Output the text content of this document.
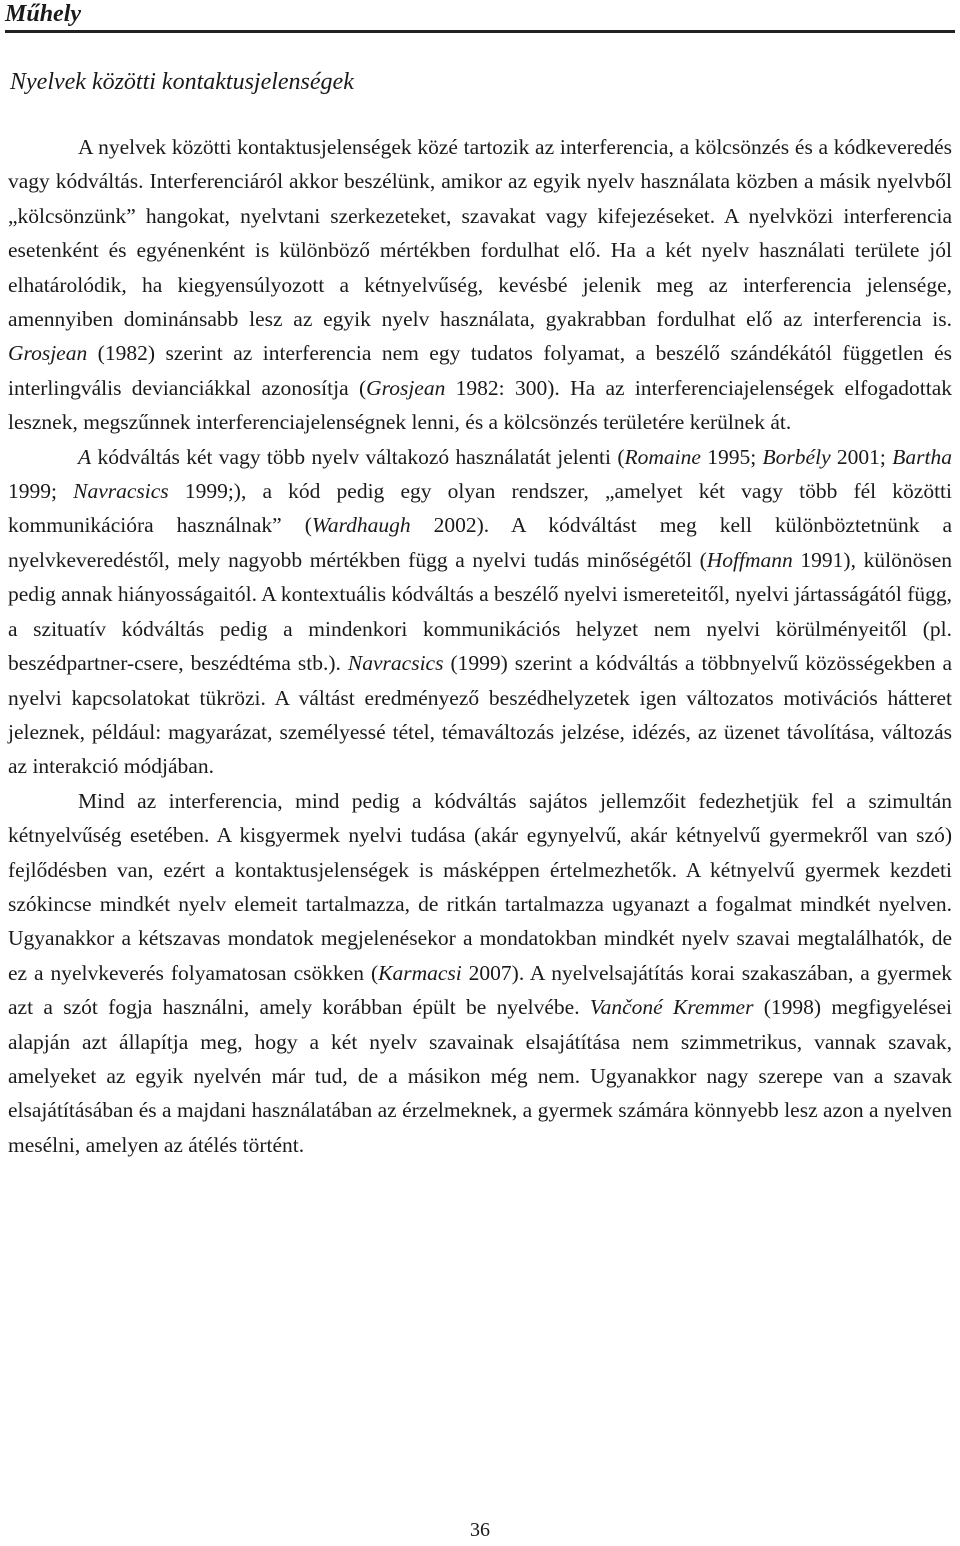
Műhely
Nyelvek közötti kontaktusjelenségek

A nyelvek közötti kontaktusjelenségek közé tartozik az interferencia, a kölcsönzés és a kódkeveredés vagy kódváltás. Interferenciáról akkor beszélünk, amikor az egyik nyelv használata közben a másik nyelvből „kölcsönzünk” hangokat, nyelvtani szerkezeteket, szavakat vagy kifejezéseket. A nyelvközi interferencia esetenként és egyénenként is különböző mértékben fordulhat elő. Ha a két nyelv használati területe jól elhatárolódik, ha kiegyensúlyozott a kétnyelvűség, kevésbé jelenik meg az interferencia jelensége, amennyiben dominánsabb lesz az egyik nyelv használata, gyakrabban fordulhat elő az interferencia is. Grosjean (1982) szerint az interferencia nem egy tudatos folyamat, a beszélő szándékától független és interlingvális devianciákkal azonosítja (Grosjean 1982: 300). Ha az interferenciajelenségek elfogadottak lesznek, megszűnnek interferenciajelenségnek lenni, és a kölcsönzés területére kerülnek át.

A kódváltás két vagy több nyelv váltakozó használatát jelenti (Romaine 1995; Borbély 2001; Bartha 1999; Navracsics 1999;), a kód pedig egy olyan rendszer, „amelyet két vagy több fél közötti kommunikációra használnak” (Wardhaugh 2002). A kódváltást meg kell különböztetnünk a nyelvkeveredéstől, mely nagyobb mértékben függ a nyelvi tudás minőségétől (Hoffmann 1991), különösen pedig annak hiányosságaitól. A kontextuális kódváltás a beszélő nyelvi ismereteitől, nyelvi jártasságától függ, a szituatív kódváltás pedig a mindenkori kommunikációs helyzet nem nyelvi körülményeitől (pl. beszédpartner-csere, beszédtéma stb.). Navracsics (1999) szerint a kódváltás a többnyelvű közösségekben a nyelvi kapcsolatokat tükrözi. A váltást eredményező beszédhelyzetek igen változatos motivációs hátteret jeleznek, például: magyarázat, személyessé tétel, témaváltozás jelzése, idézés, az üzenet távolítása, változás az interakció módjában.

Mind az interferencia, mind pedig a kódváltás sajátos jellemzőit fedezhetjük fel a szimultán kétnyelvűség esetében. A kisgyermek nyelvi tudása (akár egynyelvű, akár kétnyelvű gyermekről van szó) fejlődésben van, ezért a kontaktusjelenségek is másképpen értelmezhetők. A kétnyelvű gyermek kezdeti szókincse mindkét nyelv elemeit tartalmazza, de ritkán tartalmazza ugyanazt a fogalmat mindkét nyelven. Ugyanakkor a kétszavas mondatok megjelenésekor a mondatokban mindkét nyelv szavai megtalálhatók, de ez a nyelvkeverés folyamatosan csökken (Karmacsi 2007). A nyelvelsajátítás korai szakaszában, a gyermek azt a szót fogja használni, amely korábban épült be nyelvébe. Vančoné Kremmer (1998) megfigyelései alapján azt állapítja meg, hogy a két nyelv szavainak elsajátítása nem szimmetrikus, vannak szavak, amelyeket az egyik nyelvén már tud, de a másikon még nem. Ugyanakkor nagy szerepe van a szavak elsajátításában és a majdani használatában az érzelmeknek, a gyermek számára könnyebb lesz azon a nyelven mesélni, amelyen az átélés történt.

36
